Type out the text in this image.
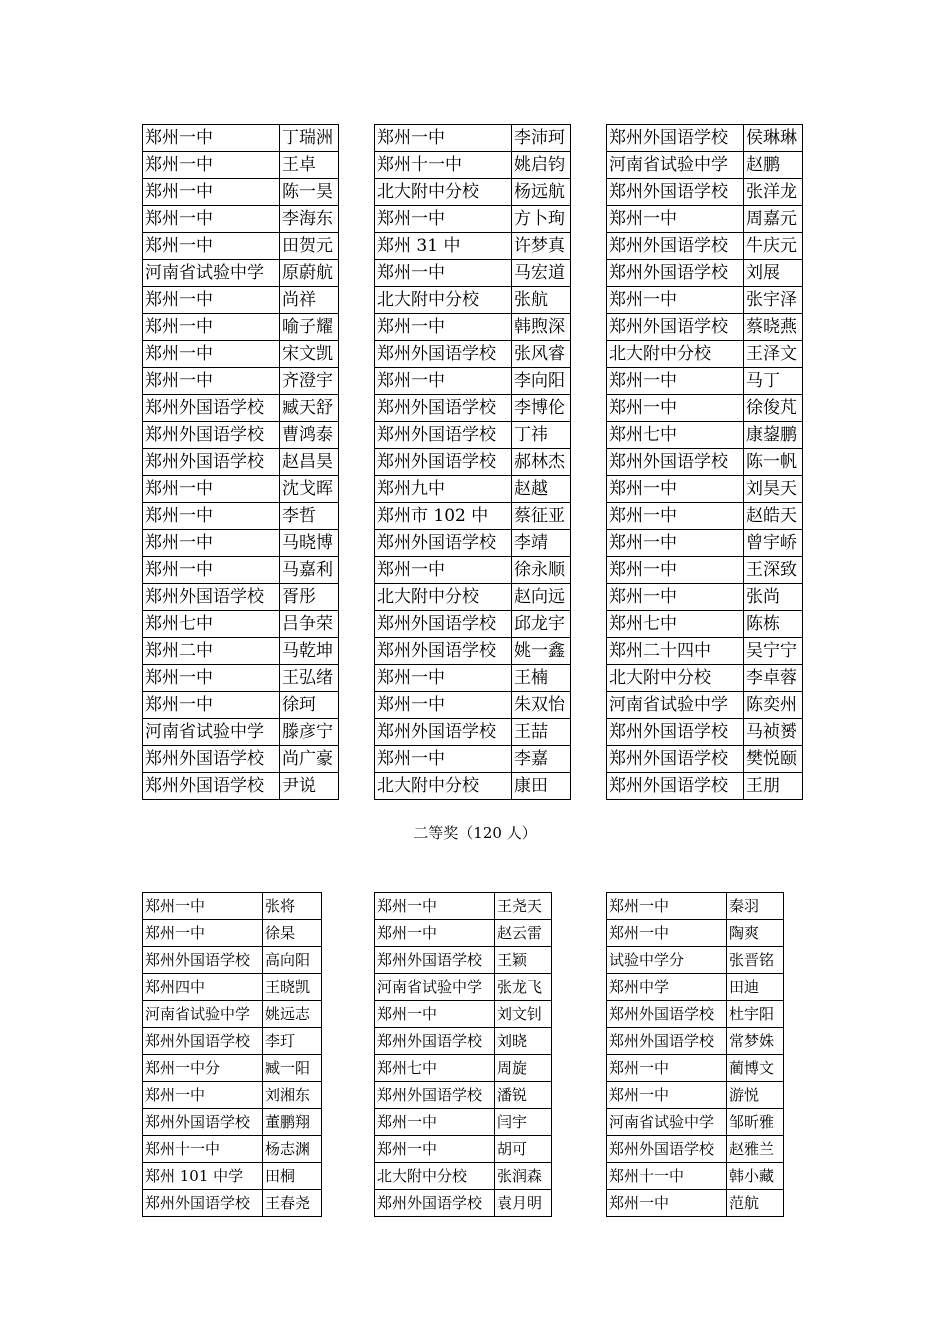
郑州一中	丁瑞洲
郑州一中	王卓
郑州一中	陈一昊
郑州一中	李海东
郑州一中	田贺元
河南省试验中学	原蔚航
郑州一中	尚祥
郑州一中	喻子耀
郑州一中	宋文凯
郑州一中	齐澄宇
郑州外国语学校	臧天舒
郑州外国语学校	曹鸿泰
郑州外国语学校	赵昌昊
郑州一中	沈戈晖
郑州一中	李哲
郑州一中	马晓博
郑州一中	马嘉利
郑州外国语学校	胥彤
郑州七中	吕争荣
郑州二中	马乾坤
郑州一中	王弘绪
郑州一中	徐珂
河南省试验中学	滕彦宁
郑州外国语学校	尚广豪
郑州外国语学校	尹说
郑州一中	李沛珂
郑州十一中	姚启钧
北大附中分校	杨远航
郑州一中	方卜珣
郑州 31 中	许梦真
郑州一中	马宏道
北大附中分校	张航
郑州一中	韩煦深
郑州外国语学校	张风睿
郑州一中	李向阳
郑州外国语学校	李博伦
郑州外国语学校	丁祎
郑州外国语学校	郝林杰
郑州九中	赵越
郑州市 102 中	蔡征亚
郑州外国语学校	李靖
郑州一中	徐永顺
北大附中分校	赵向远
郑州外国语学校	邱龙宇
郑州外国语学校	姚一鑫
郑州一中	王楠
郑州一中	朱双怡
郑州外国语学校	王喆
郑州一中	李嘉
北大附中分校	康田
郑州外国语学校	侯琳琳
河南省试验中学	赵鹏
郑州外国语学校	张洋龙
郑州一中	周嘉元
郑州外国语学校	牛庆元
郑州外国语学校	刘展
郑州一中	张宇泽
郑州外国语学校	蔡晓燕
北大附中分校	王泽文
郑州一中	马丁
郑州一中	徐俊芃
郑州七中	康鋆鹏
郑州外国语学校	陈一帆
郑州一中	刘昊天
郑州一中	赵皓天
郑州一中	曾宇峤
郑州一中	王深致
郑州一中	张尚
郑州七中	陈栋
郑州二十四中	吴宁宁
北大附中分校	李卓蓉
河南省试验中学	陈奕州
郑州外国语学校	马祯赟
郑州外国语学校	樊悦颐
郑州外国语学校	王朋
二等奖（120 人）
郑州一中	张将
郑州一中	徐杲
郑州外国语学校	高向阳
郑州四中	王晓凯
河南省试验中学	姚远志
郑州外国语学校	李玎
郑州一中分	臧一阳
郑州一中	刘湘东
郑州外国语学校	董鹏翔
郑州十一中	杨志渊
郑州 101 中学	田桐
郑州外国语学校	王春尧
郑州一中	王尧天
郑州一中	赵云雷
郑州外国语学校	王颖
河南省试验中学	张龙飞
郑州一中	刘文钊
郑州外国语学校	刘晓
郑州七中	周旋
郑州外国语学校	潘锐
郑州一中	闫宇
郑州一中	胡可
北大附中分校	张润森
郑州外国语学校	袁月明
郑州一中	秦羽
郑州一中	陶爽
试验中学分	张晋铭
郑州中学	田迪
郑州外国语学校	杜宇阳
郑州外国语学校	常梦姝
郑州一中	蔺博文
郑州一中	游悦
河南省试验中学	邹昕雅
郑州外国语学校	赵雅兰
郑州十一中	韩小藏
郑州一中	范航
